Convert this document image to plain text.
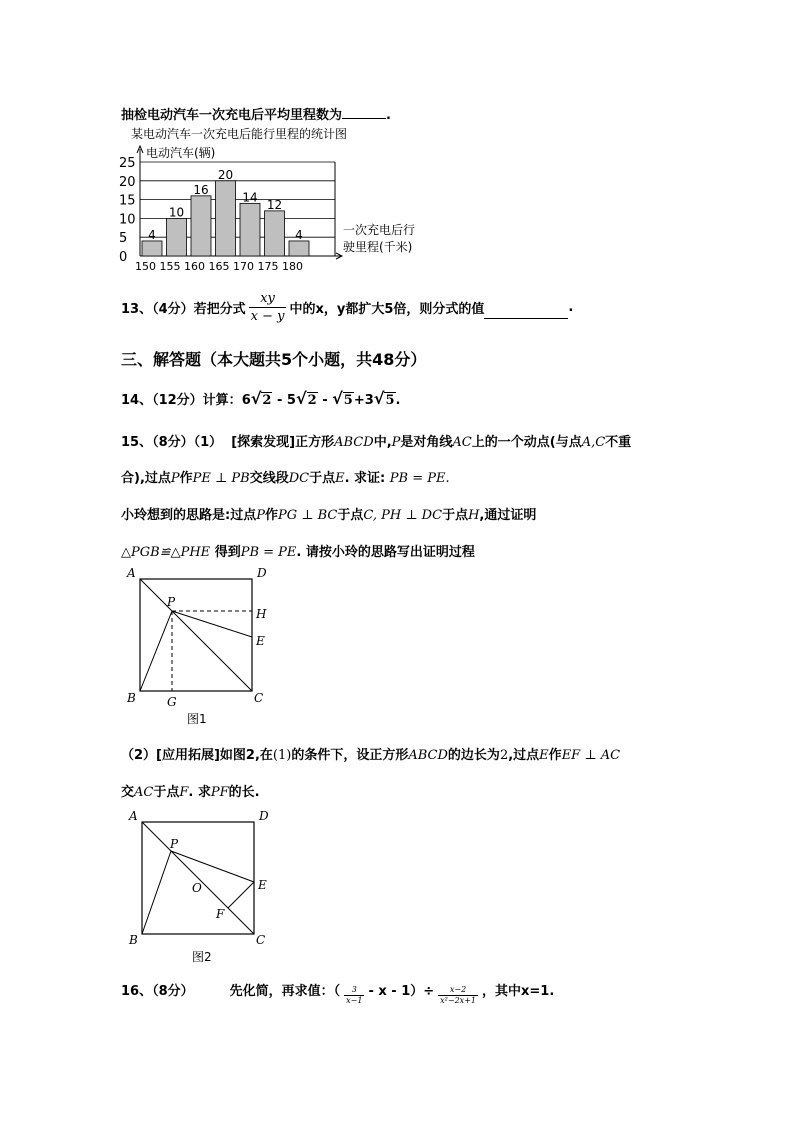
抽检电动汽车一次充电后平均里程数为	.
某电动汽车一次充电后能行里程的统计图
电动汽车(辆)
0
5
10
15
20
25
4
10
16
20
14
12
4
150 155 160 165 170 175 180
一次充电后行
驶里程(千米)
13、（4分）若把分式 $\frac{xy}{x - y}$ 中的x，y都扩大5倍，则分式的值	.
三、解答题（本大题共5个小题，共48分）
14、（12分）计算： 6 √ 2 - 5 √ 2 - √ 5 +3 √ 5 .
15、（8分）（1）  [探索发现]正方形ABCD中,P是对角线AC上的一个动点(与点A,C不重
合),过点P作PE ⊥ PB交线段DC于点E. 求证: PB = PE.
小玲想到的思路是:过点P作PG ⊥ BC于点C, PH ⊥ DC于点H,通过证明
△PGB≌△PHE 得到PB = PE. 请按小玲的思路写出证明过程
A	D
P
H
E
B	G	C
图1
（2）[应用拓展]如图2,在(1)的条件下，设正方形ABCD的边长为2,过点E作EF ⊥ AC
交AC于点F. 求PF的长.
A	D
P
O
F
E
B	C
图2
16、（8分）	先化简，再求值：（ $\frac{3}{x-1} - x - 1)\div \frac{x-2}{\text{x²−2x+1}}$ ，其中x=1.
